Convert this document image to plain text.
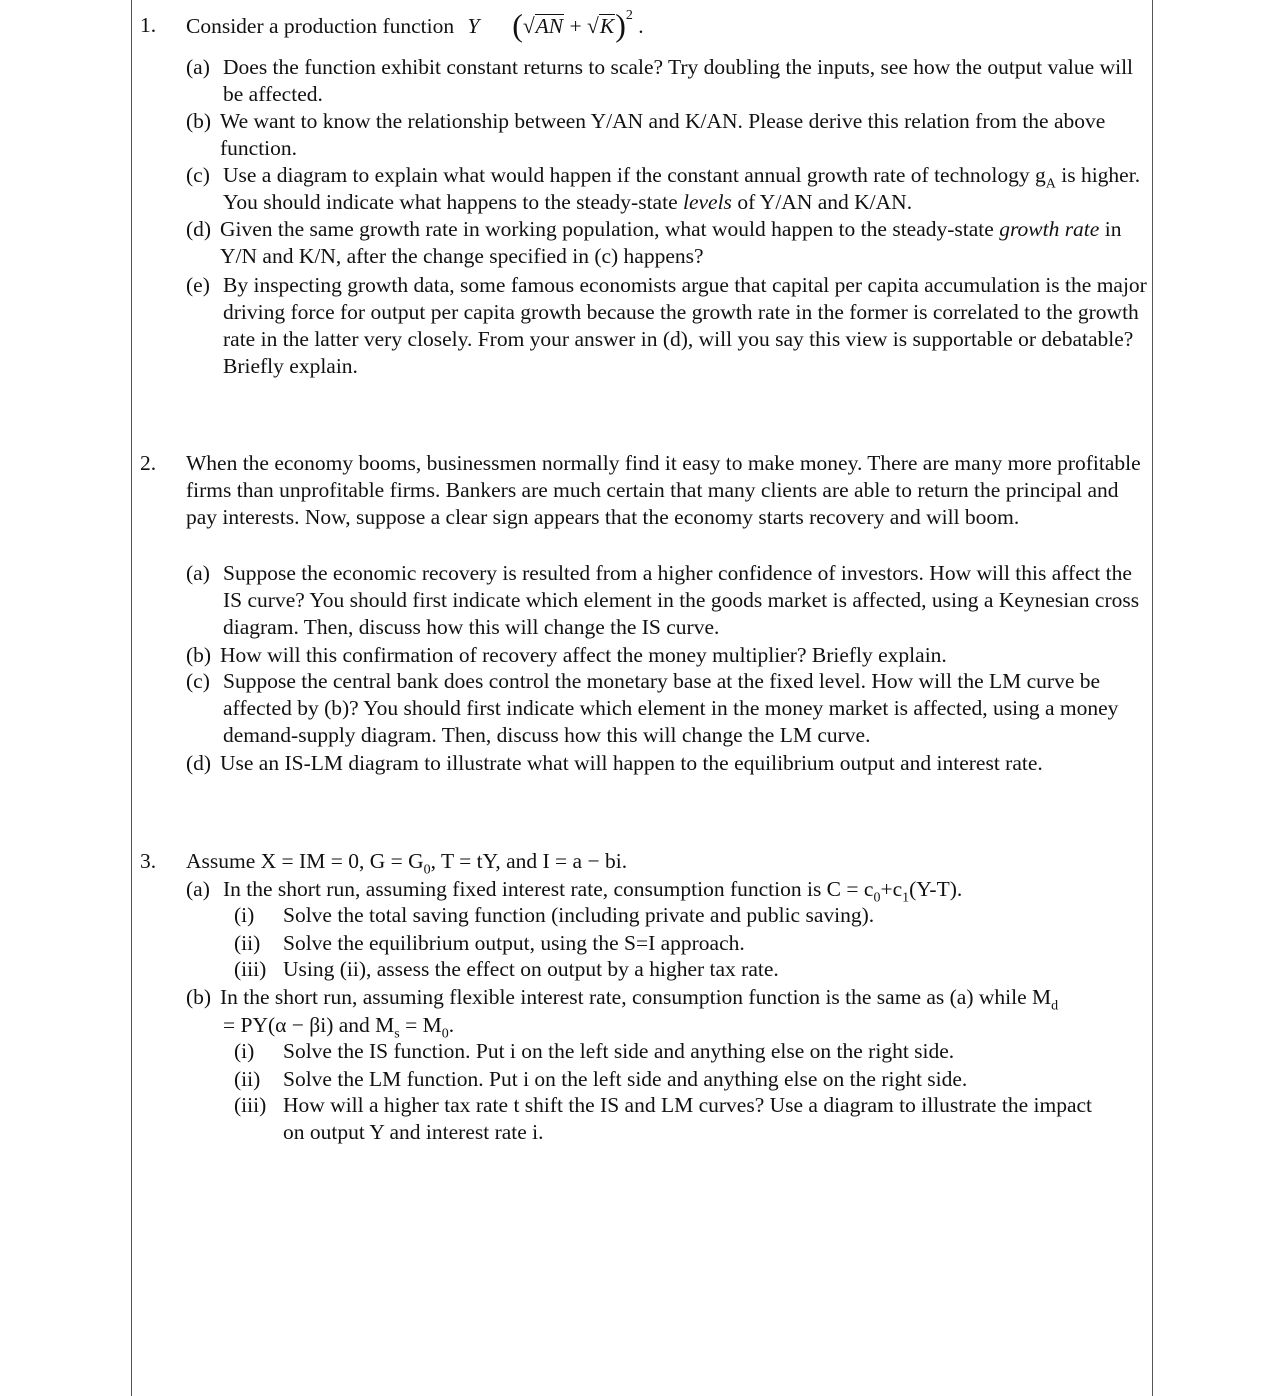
1. Consider a production function Y $(√AN + √K)^2$ .
(a) Does the function exhibit constant returns to scale? Try doubling the inputs, see how the output value will be affected.
(b) We want to know the relationship between Y/AN and K/AN. Please derive this relation from the above function.
(c) Use a diagram to explain what would happen if the constant annual growth rate of technology $g_A$ is higher. You should indicate what happens to the steady-state levels of Y/AN and K/AN.
(d) Given the same growth rate in working population, what would happen to the steady-state growth rate in Y/N and K/N, after the change specified in (c) happens?
(e) By inspecting growth data, some famous economists argue that capital per capita accumulation is the major driving force for output per capita growth because the growth rate in the former is correlated to the growth rate in the latter very closely. From your answer in (d), will you say this view is supportable or debatable? Briefly explain.
2. When the economy booms, businessmen normally find it easy to make money. There are many more profitable firms than unprofitable firms. Bankers are much certain that many clients are able to return the principal and pay interests. Now, suppose a clear sign appears that the economy starts recovery and will boom.
(a) Suppose the economic recovery is resulted from a higher confidence of investors. How will this affect the IS curve? You should first indicate which element in the goods market is affected, using a Keynesian cross diagram. Then, discuss how this will change the IS curve.
(b) How will this confirmation of recovery affect the money multiplier? Briefly explain.
(c) Suppose the central bank does control the monetary base at the fixed level. How will the LM curve be affected by (b)? You should first indicate which element in the money market is affected, using a money demand-supply diagram. Then, discuss how this will change the LM curve.
(d) Use an IS-LM diagram to illustrate what will happen to the equilibrium output and interest rate.
3. Assume X = IM = 0, $G = G_0$, T = tY, and I = a − bi.
(a) In the short run, assuming fixed interest rate, consumption function is $C = c_0+c_1(Y-T)$.
(i) Solve the total saving function (including private and public saving).
(ii) Solve the equilibrium output, using the S=I approach.
(iii) Using (ii), assess the effect on output by a higher tax rate.
(b) In the short run, assuming flexible interest rate, consumption function is the same as (a) while $M_d$
= PY(α − βi) and $M_s = M_0$.
(i) Solve the IS function. Put i on the left side and anything else on the right side.
(ii) Solve the LM function. Put i on the left side and anything else on the right side.
(iii) How will a higher tax rate t shift the IS and LM curves? Use a diagram to illustrate the impact on output Y and interest rate i.
